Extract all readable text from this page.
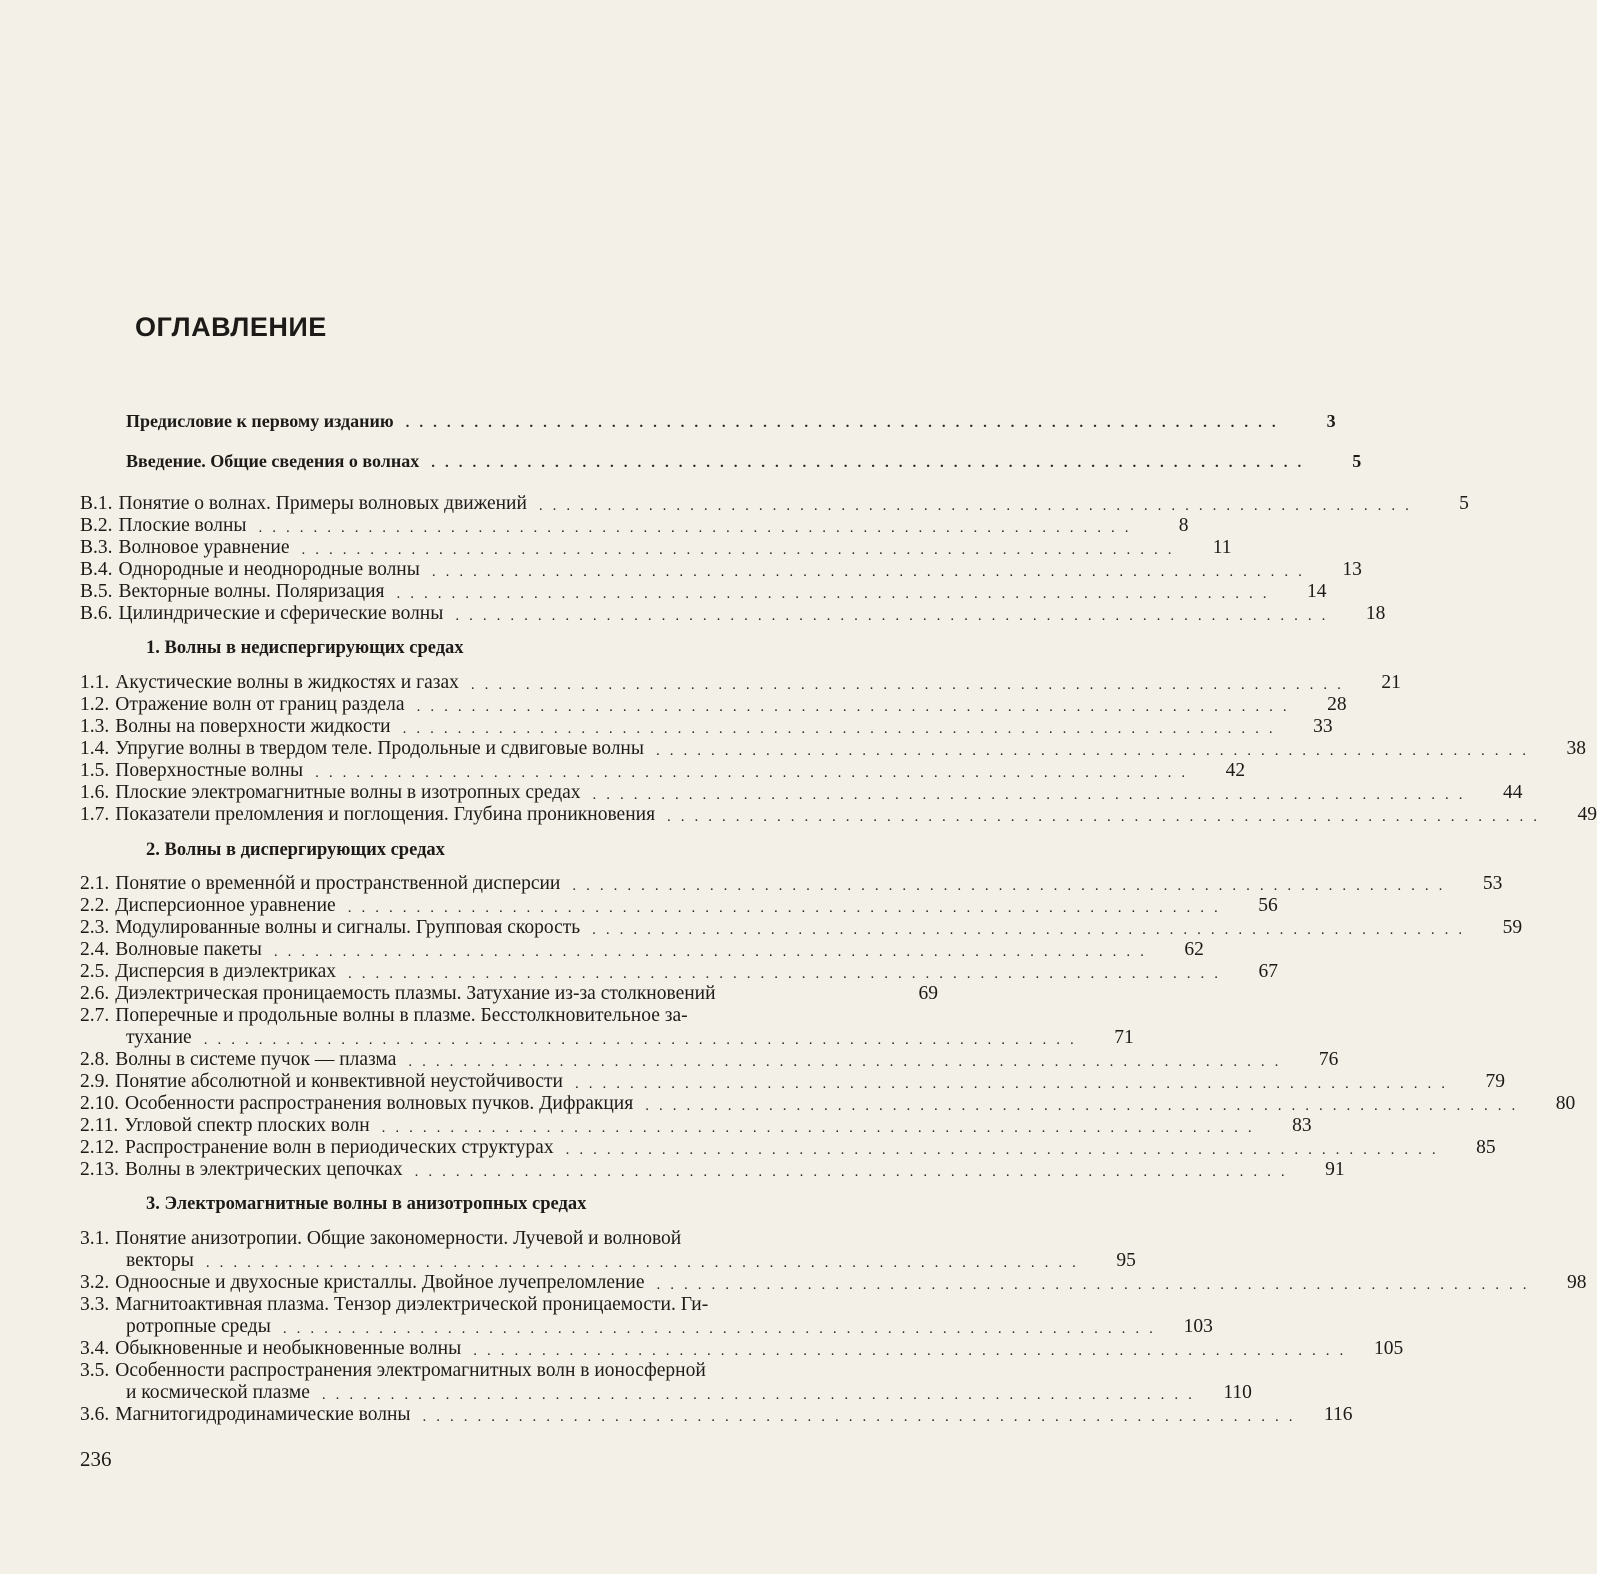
ОГЛАВЛЕНИЕ
Предисловие к первому изданию ................................................................	3
Введение. Общие сведения о волнах ................................................................	5
В.1. Понятие о волнах. Примеры волновых движений ................................................................	5
В.2. Плоские волны ................................................................	8
В.3. Волновое уравнение ................................................................	11
В.4. Однородные и неоднородные волны ................................................................	13
В.5. Векторные волны. Поляризация ................................................................	14
В.6. Цилиндрические и сферические волны ................................................................	18
1. Волны в недиспергирующих средах
1.1. Акустические волны в жидкостях и газах ................................................................	21
1.2. Отражение волн от границ раздела ................................................................	28
1.3. Волны на поверхности жидкости ................................................................	33
1.4. Упругие волны в твердом теле. Продольные и сдвиговые волны ................................................................	38
1.5. Поверхностные волны ................................................................	42
1.6. Плоские электромагнитные волны в изотропных средах ................................................................	44
1.7. Показатели преломления и поглощения. Глубина проникновения ................................................................	49
2. Волны в диспергирующих средах
2.1. Понятие о временнóй и пространственной дисперсии ................................................................	53
2.2. Дисперсионное уравнение ................................................................	56
2.3. Модулированные волны и сигналы. Групповая скорость ................................................................	59
2.4. Волновые пакеты ................................................................	62
2.5. Дисперсия в диэлектриках ................................................................	67
2.6. Диэлектрическая проницаемость плазмы. Затухание из-за столкновений	69
2.7. Поперечные и продольные волны в плазме. Бесстолкновительное за-
тухание ................................................................	71
2.8. Волны в системе пучок — плазма ................................................................	76
2.9. Понятие абсолютной и конвективной неустойчивости ................................................................	79
2.10. Особенности распространения волновых пучков. Дифракция ................................................................	80
2.11. Угловой спектр плоских волн ................................................................	83
2.12. Распространение волн в периодических структурах ................................................................	85
2.13. Волны в электрических цепочках ................................................................	91
3. Электромагнитные волны в анизотропных средах
3.1. Понятие анизотропии. Общие закономерности. Лучевой и волновой
векторы ................................................................	95
3.2. Одноосные и двухосные кристаллы. Двойное лучепреломление ................................................................	98
3.3. Магнитоактивная плазма. Тензор диэлектрической проницаемости. Ги-
ротропные среды ................................................................	103
3.4. Обыкновенные и необыкновенные волны ................................................................	105
3.5. Особенности распространения электромагнитных волн в ионосферной
и космической плазме ................................................................	110
3.6. Магнитогидродинамические волны ................................................................	116
236
